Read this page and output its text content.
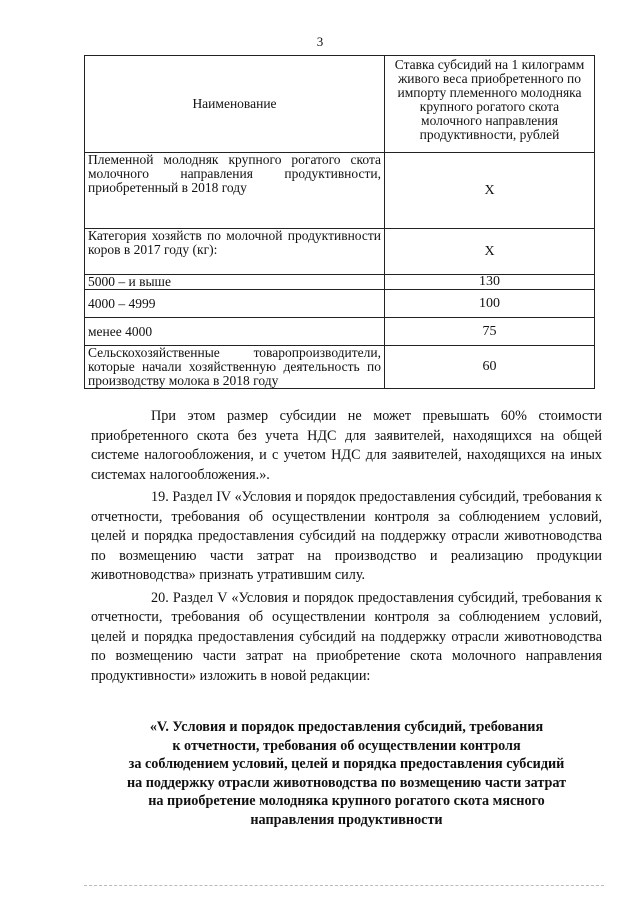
3
Наименование	Ставка субсидий на 1 килограмм живого веса приобретенного по импорту племенного молодняка крупного рогатого скота молочного направления продуктивности, рублей
Племенной молодняк крупного рогатого скота молочного направления продуктивности, приобретенный в 2018 году	Х
Категория хозяйств по молочной продуктивности коров в 2017 году (кг):	Х
5000 – и выше	130
4000 – 4999	100
менее 4000	75
Сельскохозяйственные товаропроизводители, которые начали хозяйственную деятельность по производству молока в 2018 году	60

При этом размер субсидии не может превышать 60% стоимости приобретенного скота без учета НДС для заявителей, находящихся на общей системе налогообложения, и с учетом НДС для заявителей, находящихся на иных системах налогообложения.».

19. Раздел IV «Условия и порядок предоставления субсидий, требования к отчетности, требования об осуществлении контроля за соблюдением условий, целей и порядка предоставления субсидий на поддержку отрасли животноводства по возмещению части затрат на производство и реализацию продукции животноводства» признать утратившим силу.

20. Раздел V «Условия и порядок предоставления субсидий, требования к отчетности, требования об осуществлении контроля за соблюдением условий, целей и порядка предоставления субсидий на поддержку отрасли животноводства по возмещению части затрат на приобретение скота молочного направления продуктивности» изложить в новой редакции:

«V. Условия и порядок предоставления субсидий, требования
к отчетности, требования об осуществлении контроля
за соблюдением условий, целей и порядка предоставления субсидий
на поддержку отрасли животноводства по возмещению части затрат
на приобретение молодняка крупного рогатого скота мясного
направления продуктивности
